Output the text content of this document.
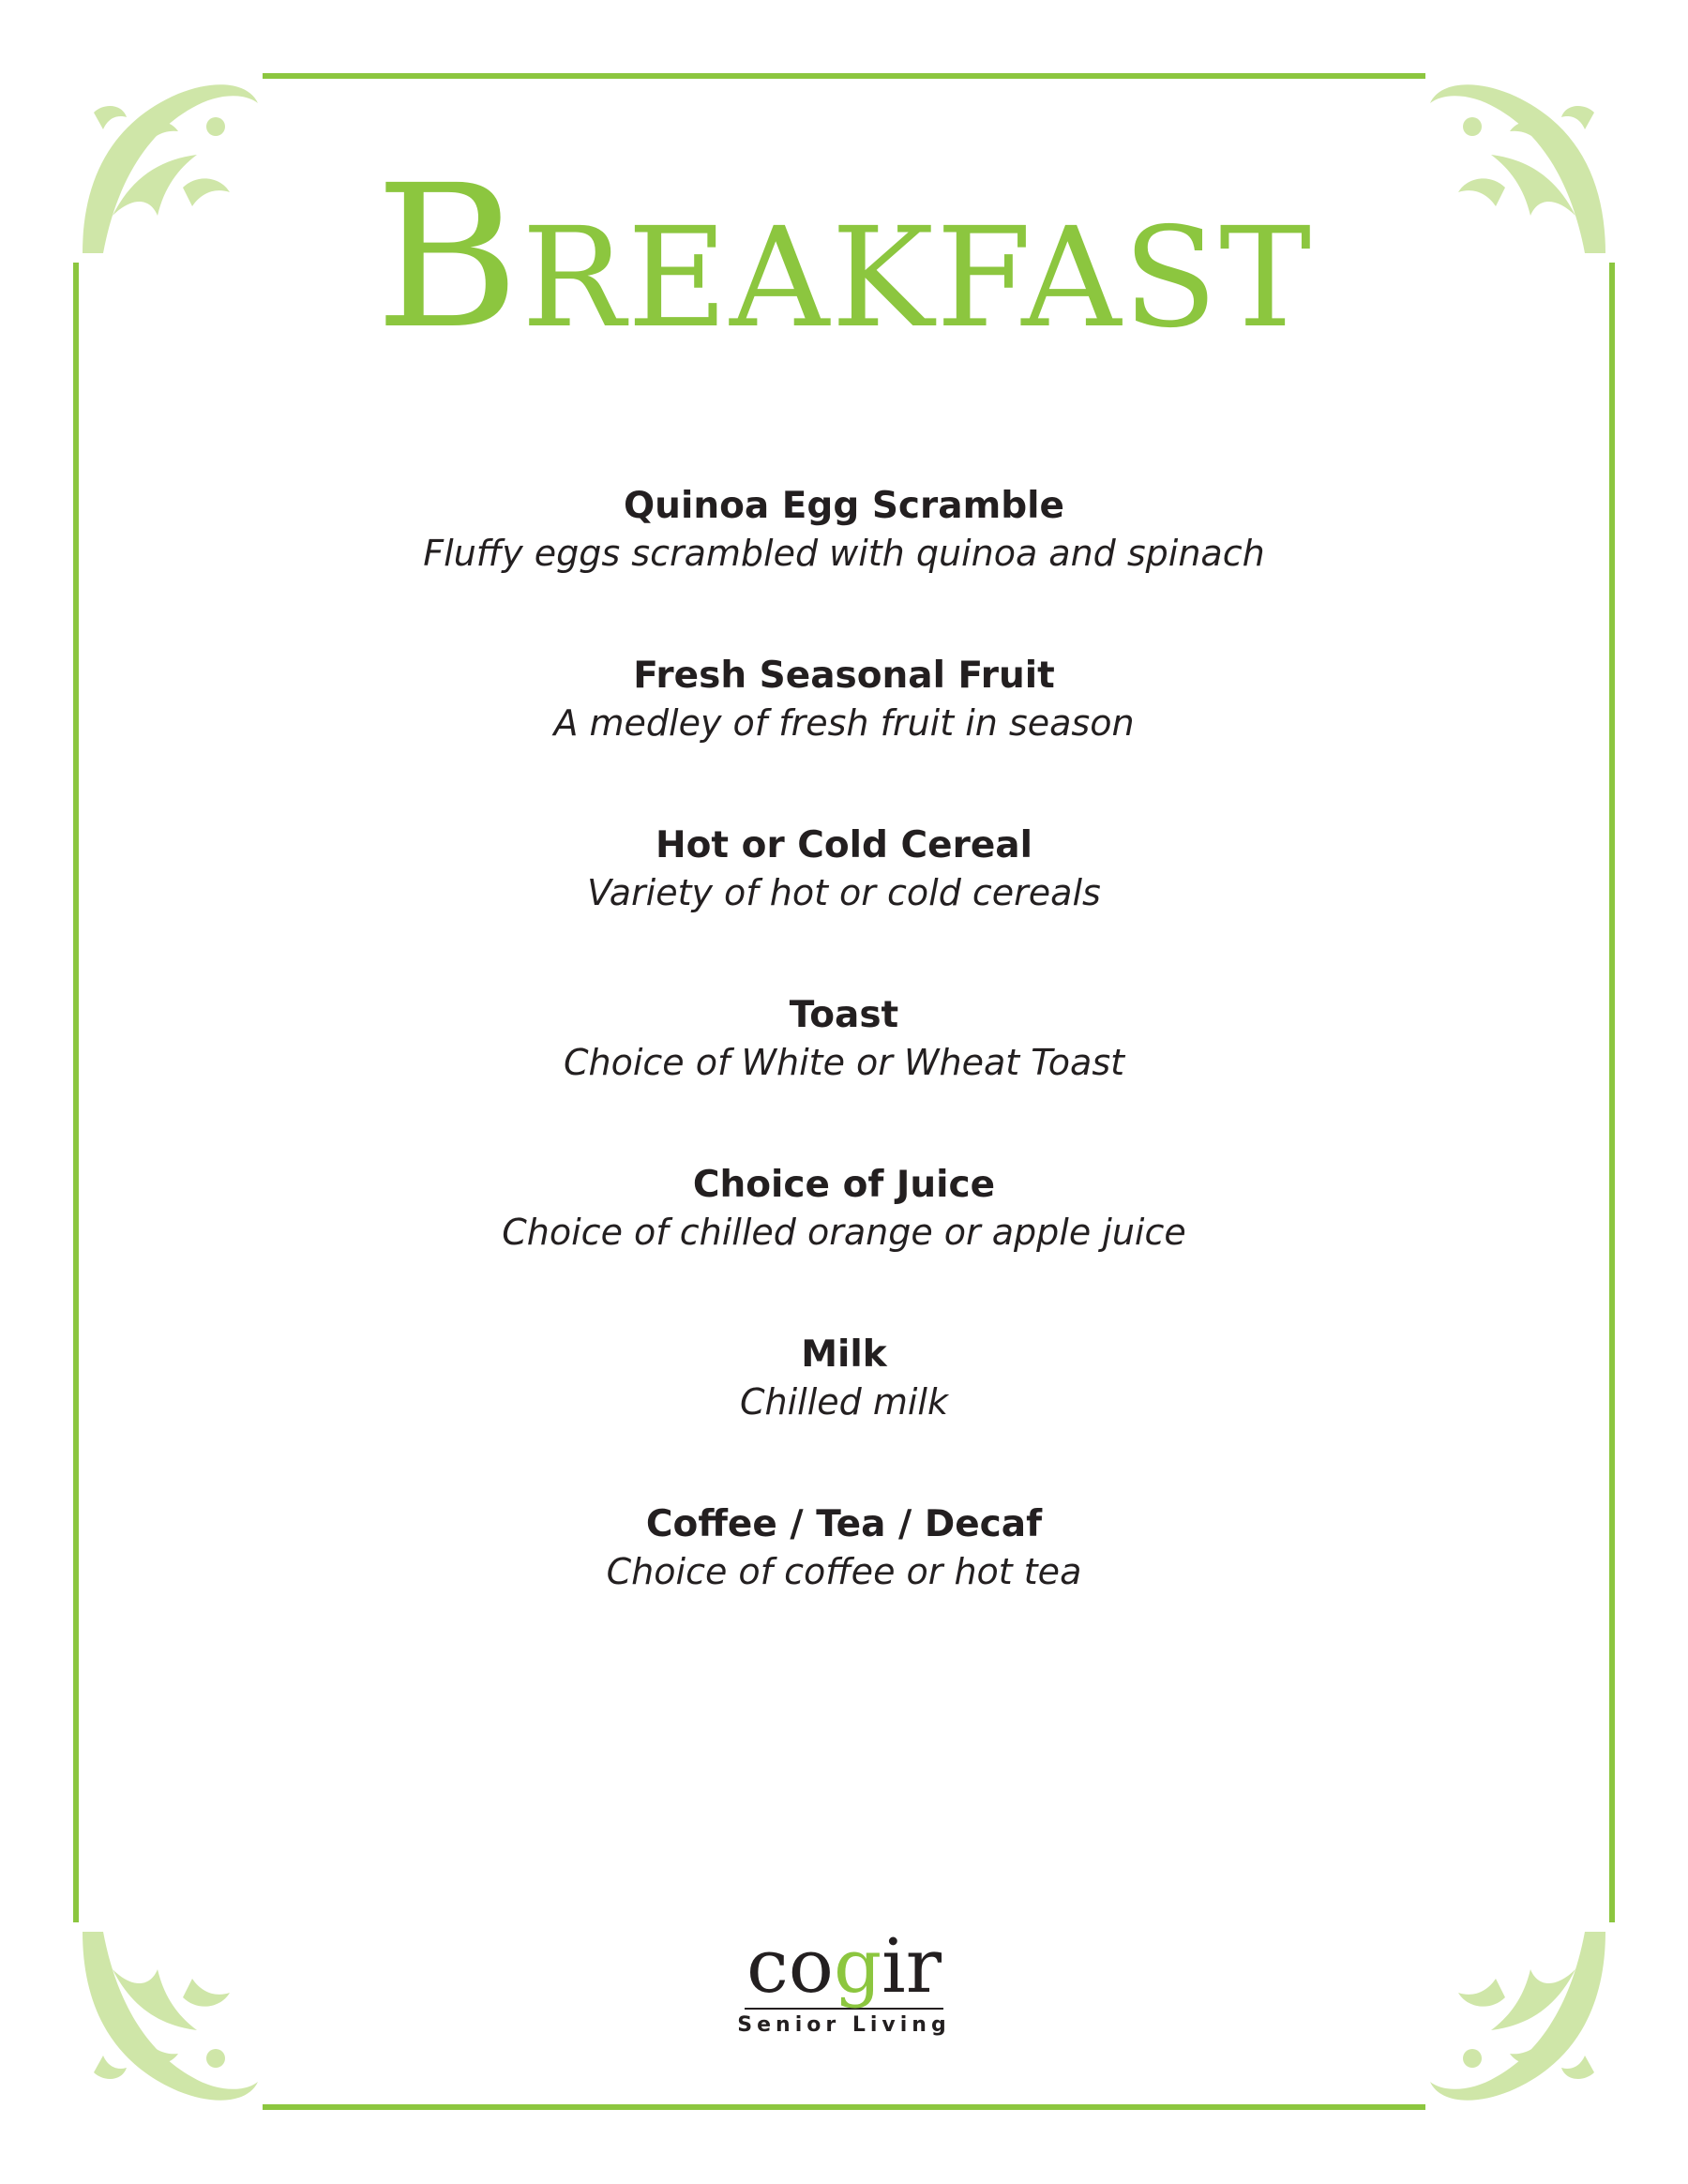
Breakfast
Quinoa Egg Scramble
Fluffy eggs scrambled with quinoa and spinach
Fresh Seasonal Fruit
A medley of fresh fruit in season
Hot or Cold Cereal
Variety of hot or cold cereals
Toast
Choice of White or Wheat Toast
Choice of Juice
Choice of chilled orange or apple juice
Milk
Chilled milk
Coffee / Tea / Decaf
Choice of coffee or hot tea
cogir
Senior Living
